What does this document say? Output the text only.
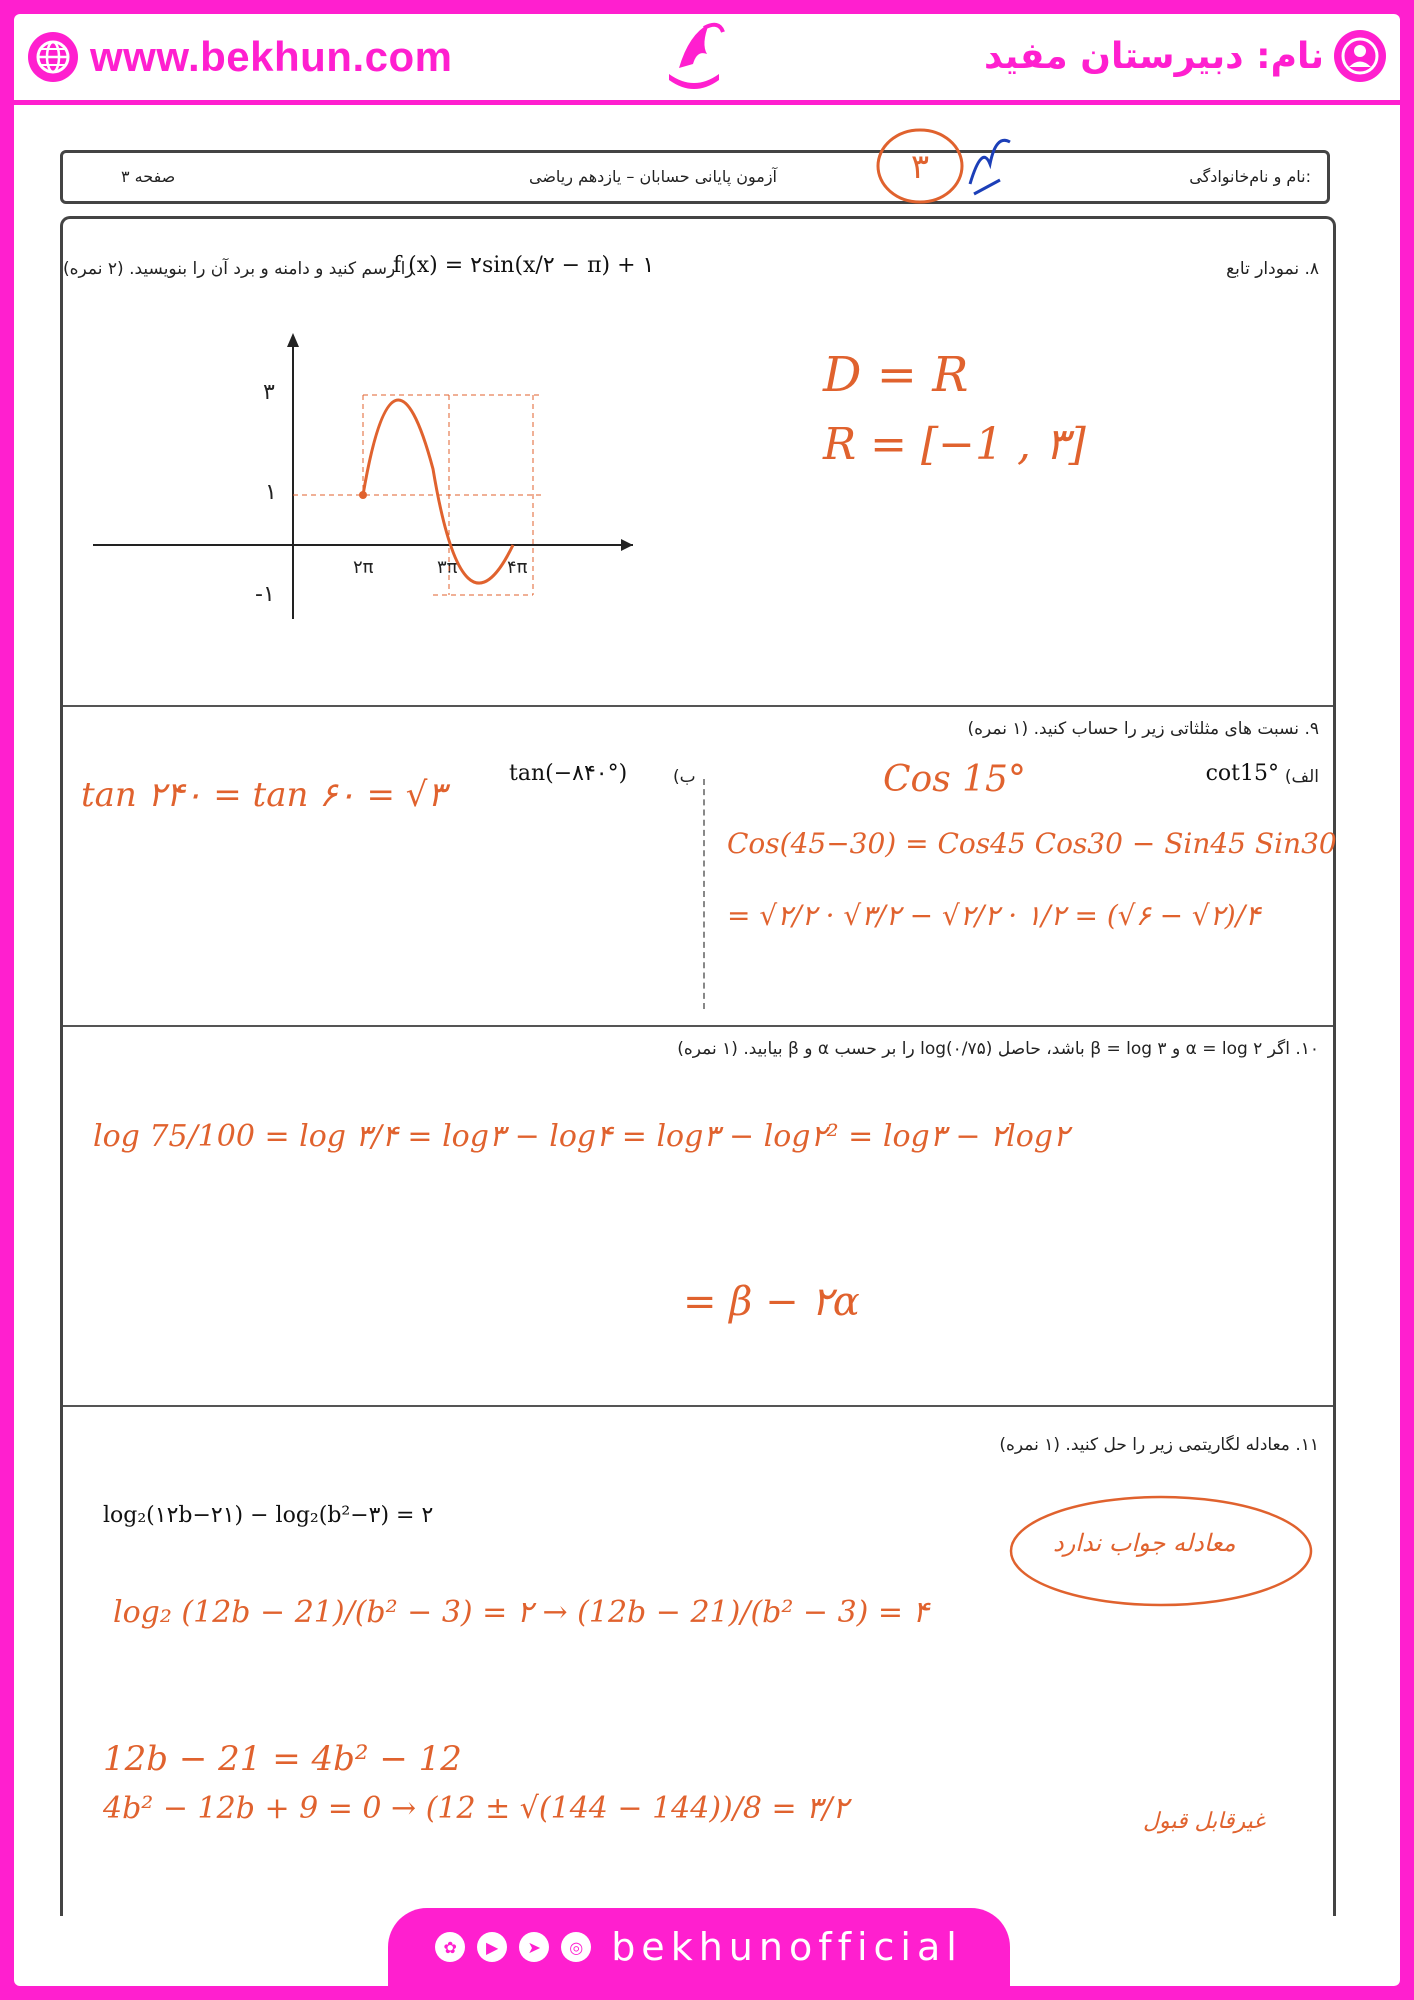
www.bekhun.com	نام: دبیرستان مفید
نام و نام‌خانوادگی:
آزمون پایانی حسابان – یازدهم ریاضی
صفحه ۳	۳
۸. نمودار تابع
f (x) = ۲sin(x/۲ − π) + ۱
را رسم کنید و دامنه و برد آن را بنویسید. (۲ نمره)
۳
۱
-۱
۲π	۳π	۴π
D = R
R = [−1 , ۳]
۹. نسبت های مثلثاتی زیر را حساب کنید. (۱ نمره)
الف)
cot15°
ب)
tan(−۸۴۰°)
tan ۲۴۰ = tan ۶۰ = √۳	Cos 15°
Cos(45−30) = Cos45 Cos30 − Sin45 Sin30
= √۲/۲ · √۳/۲ − √۲/۲ · ۱/۲ = (√۶ − √۲)/۴
۱۰. اگر α = log ۲ و β = log ۳ باشد، حاصل log(۰/۷۵) را بر حسب α و β بیابید. (۱ نمره)
log 75/100 = log ۳/۴ = log۳ − log۴ = log۳ − log۲² = log۳ − ۲log۲
= β − ۲α
۱۱. معادله لگاریتمی زیر را حل کنید. (۱ نمره)
log₂(۱۲b−۲۱) − log₂(b²−۳) = ۲
log₂ (12b − 21)/(b² − 3) = ۲ → (12b − 21)/(b² − 3) = ۴
12b − 21 = 4b² − 12
4b² − 12b + 9 = 0 → (12 ± √(144 − 144))/8 = ۳/۲
معادله جواب ندارد
غیرقابل قبول
✿	▶	➤	◎ bekhunofficial
